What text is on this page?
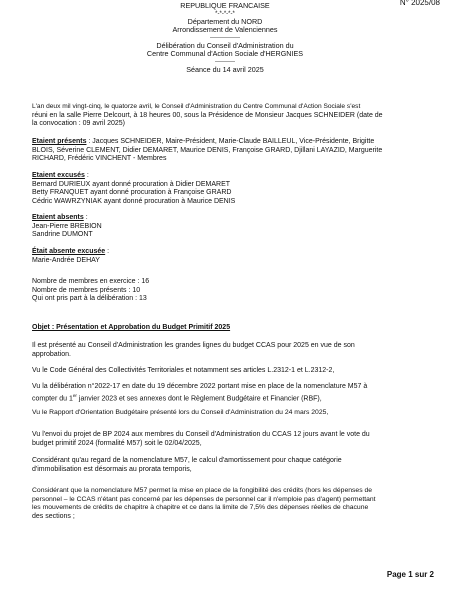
N° 2025/08
REPUBLIQUE FRANCAISE
*-*-*-*-*
Département du NORD
Arrondissement de Valenciennes
---------------
Délibération du Conseil d'Administration du
Centre Communal d'Action Sociale d'HERGNIES
----------
Séance du 14 avril 2025
L'an deux mil vingt-cinq, le quatorze avril, le Conseil d'Administration du Centre Communal d'Action Sociale s'est
réuni en la salle Pierre Delcourt, à 18 heures 00, sous la Présidence de Monsieur Jacques SCHNEIDER (date de
la convocation : 09 avril 2025)
Etaient présents : Jacques SCHNEIDER, Maire-Président, Marie-Claude BAILLEUL, Vice-Présidente, Brigitte
BLOIS, Séverine CLEMENT, Didier DEMARET, Maurice DENIS, Françoise GRARD, Djillani LAYAZID, Marguerite
RICHARD, Frédéric VINCHENT - Membres
Etaient excusés :
Bernard DURIEUX ayant donné procuration à Didier DEMARET
Betty FRANQUET ayant donné procuration à Françoise GRARD
Cédric WAWRZYNIAK ayant donné procuration à Maurice DENIS
Etaient absents :
Jean-Pierre BREBION
Sandrine DUMONT
Était absente excusée :
Marie-Andrée DEHAY
Nombre de membres en exercice : 16
Nombre de membres présents : 10
Qui ont pris part à la délibération : 13
Objet : Présentation et Approbation du Budget Primitif 2025
Il est présenté au Conseil d'Administration les grandes lignes du budget CCAS pour 2025 en vue de son
approbation.
Vu le Code Général des Collectivités Territoriales et notamment ses articles L.2312-1 et L.2312-2,
Vu la délibération n°2022-17 en date du 19 décembre 2022 portant mise en place de la nomenclature M57 à
compter du 1er janvier 2023 et ses annexes dont le Règlement Budgétaire et Financier (RBF),
Vu le Rapport d'Orientation Budgétaire présenté lors du Conseil d'Administration du 24 mars 2025,
Vu l'envoi du projet de BP 2024 aux membres du Conseil d'Administration du CCAS 12 jours avant le vote du
budget primitif 2024 (formalité M57) soit le 02/04/2025,
Considérant qu'au regard de la nomenclature M57, le calcul d'amortissement pour chaque catégorie
d'immobilisation est désormais au prorata temporis,
Considérant que la nomenclature M57 permet la mise en place de la fongibilité des crédits (hors les dépenses de
personnel – le CCAS n'étant pas concerné par les dépenses de personnel car il n'emploie pas d'agent) permettant
les mouvements de crédits de chapitre à chapitre et ce dans la limite de 7,5% des dépenses réelles de chacune
des sections ;
Page 1 sur 2
